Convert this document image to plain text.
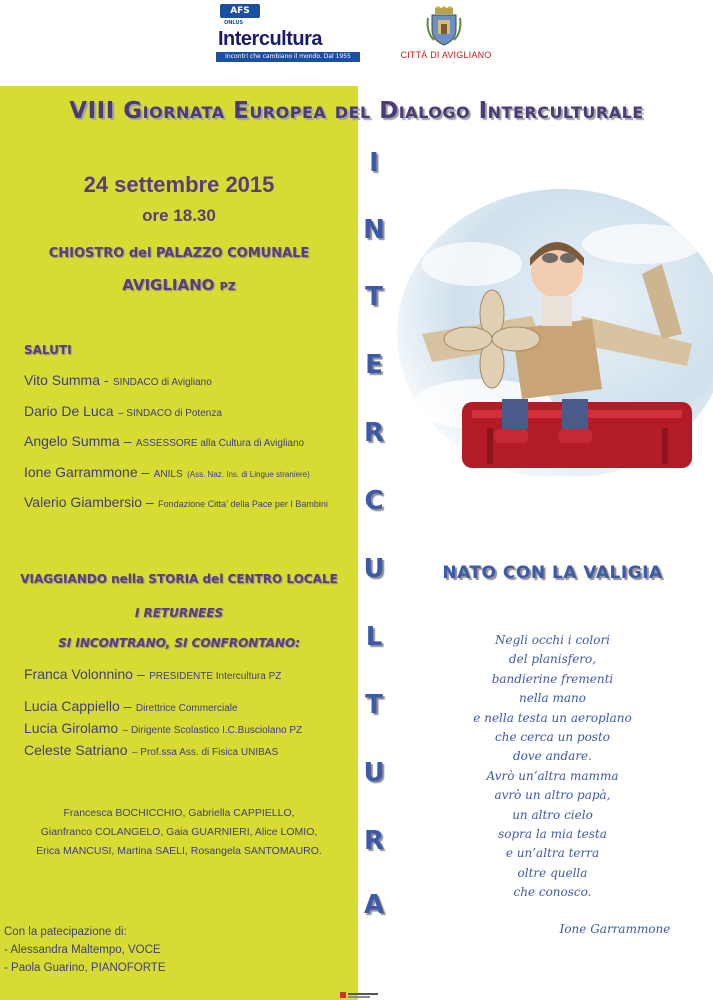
AFS
ONLUS
Intercultura
Incontri che cambiano il mondo. Dal 1955	CITTÀ DI AVIGLIANO
VIII Giornata Europea del Dialogo Interculturale
24 settembre 2015
ore 18.30
CHIOSTRO del PALAZZO COMUNALE
AVIGLIANO PZ
SALUTI
Vito Summa - SINDACO di Avigliano
Dario De Luca – SINDACO di Potenza
Angelo Summa – ASSESSORE alla Cultura di Avigliano
Ione Garrammone – ANILS (Ass. Naz. Ins. di Lingue straniere)
Valerio Giambersio – Fondazione Citta’ della Pace per I Bambini
VIAGGIANDO nella STORIA del CENTRO LOCALE
I RETURNEES
SI INCONTRANO, SI CONFRONTANO:
Franca Volonnino – PRESIDENTE Intercultura PZ
Lucia Cappiello – Direttrice Commerciale
Lucia Girolamo – Dirigente Scolastico I.C.Busciolano PZ
Celeste Satriano – Prof.ssa Ass. di Fisica UNIBAS
Francesca BOCHICCHIO, Gabriella CAPPIELLO,
Gianfranco COLANGELO, Gaia GUARNIERI, Alice LOMIO,
Erica MANCUSI, Martina SAELI, Rosangela SANTOMAURO.
Con la patecipazione di:
- Alessandra Maltempo, VOCE
- Paola Guarino, PIANOFORTE
I
N
T
E
R
C
U
L
T
U
R
A
NATO CON LA VALIGIA
Negli occhi i colori
del planisfero,
bandierine frementi
nella mano
e nella testa un aeroplano
che cerca un posto
dove andare.
Avrò un’altra mamma
avrò un altro papà,
un altro cielo
sopra la mia testa
e un’altra terra
oltre quella
che conosco.
Ione Garrammone
